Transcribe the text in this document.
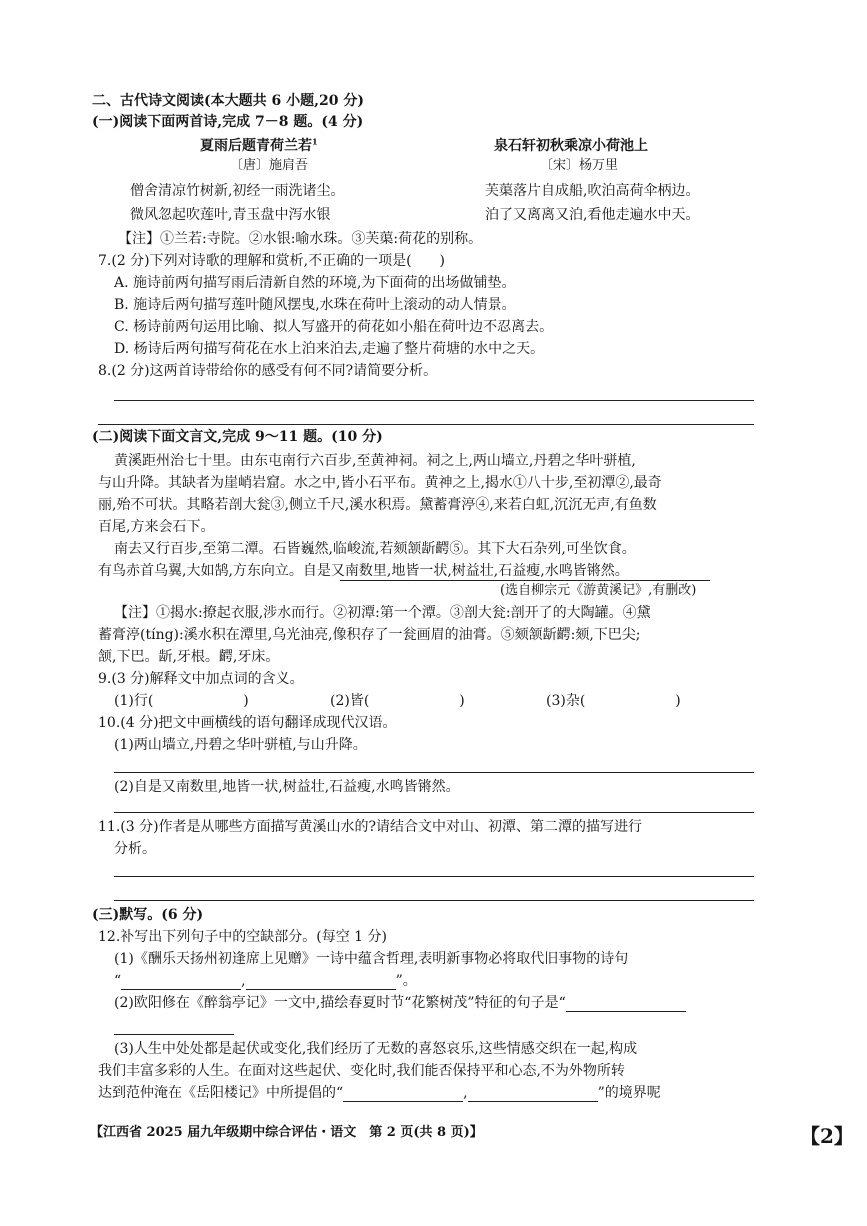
二、古代诗文阅读(本大题共 6 小题,20 分)
(一)阅读下面两首诗,完成 7－8 题。(4 分)
夏雨后题青荷兰若$^1$
〔唐〕施肩吾
僧舍清凉竹树新,初经一雨洗诸尘。
微风忽起吹莲叶,青玉盘中泻水银
泉石轩初秋乘凉小荷池上
〔宋〕杨万里
芙蕖落片自成船,吹泊高荷伞柄边。
泊了又离离又泊,看他走遍水中天。
【注】①兰若:寺院。②水银:喻水珠。③芙蕖:荷花的别称。
7.(2 分)下列对诗歌的理解和赏析,不正确的一项是(　　)
A. 施诗前两句描写雨后清新自然的环境,为下面荷的出场做铺垫。
B. 施诗后两句描写莲叶随风摆曳,水珠在荷叶上滚动的动人情景。
C. 杨诗前两句运用比喻、拟人写盛开的荷花如小船在荷叶边不忍离去。
D. 杨诗后两句描写荷花在水上泊来泊去,走遍了整片荷塘的水中之天。
8.(2 分)这两首诗带给你的感受有何不同?请简要分析。
(二)阅读下面文言文,完成 9～11 题。(10 分)
黄溪距州治七十里。由东屯南行六百步,至黄神祠。祠之上,两山墙立,丹碧之华叶骈植,
与山升降。其缺者为崖峭岩窟。水之中,皆小石平布。黄神之上,揭水①八十步,至初潭②,最奇
丽,殆不可状。其略若剖大瓮③,侧立千尺,溪水积焉。黛蓄膏渟④,来若白虹,沉沉无声,有鱼数
百尾,方来会石下。
南去又行百步,至第二潭。石皆巍然,临峻流,若颏颔龂齶⑤。其下大石杂列,可坐饮食。
有鸟赤首乌翼,大如鹄,方东向立。自是又南数里,地皆一状,树益壮,石益瘦,水鸣皆锵然。
(选自柳宗元《游黄溪记》,有删改)
【注】①揭水:撩起衣服,涉水而行。②初潭:第一个潭。③剖大瓮:剖开了的大陶罐。④黛
蓄膏渟(tíng):溪水积在潭里,乌光油亮,像积存了一瓮画眉的油膏。⑤颏颔龂齶:颏,下巴尖;
颔,下巴。龂,牙根。齶,牙床。
9.(3 分)解释文中加点词的含义。
(1)行(	)	(2)皆(	)	(3)杂(	)
10.(4 分)把文中画横线的语句翻译成现代汉语。
(1)两山墙立,丹碧之华叶骈植,与山升降。
(2)自是又南数里,地皆一状,树益壮,石益瘦,水鸣皆锵然。
11.(3 分)作者是从哪些方面描写黄溪山水的?请结合文中对山、初潭、第二潭的描写进行
分析。
(三)默写。(6 分)
12.补写出下列句子中的空缺部分。(每空 1 分)
(1)《酬乐天扬州初逢席上见赠》一诗中蕴含哲理,表明新事物必将取代旧事物的诗句
“	,	”。
(2)欧阳修在《醉翁亭记》一文中,描绘春夏时节“花繁树茂”特征的句子是“
(3)人生中处处都是起伏或变化,我们经历了无数的喜怒哀乐,这些情感交织在一起,构成
我们丰富多彩的人生。在面对这些起伏、变化时,我们能否保持平和心态,不为外物所转
达到范仲淹在《岳阳楼记》中所提倡的“	,	”的境界呢
【江西省 2025 届九年级期中综合评估・语文　第 2 页(共 8 页)】	【2】
